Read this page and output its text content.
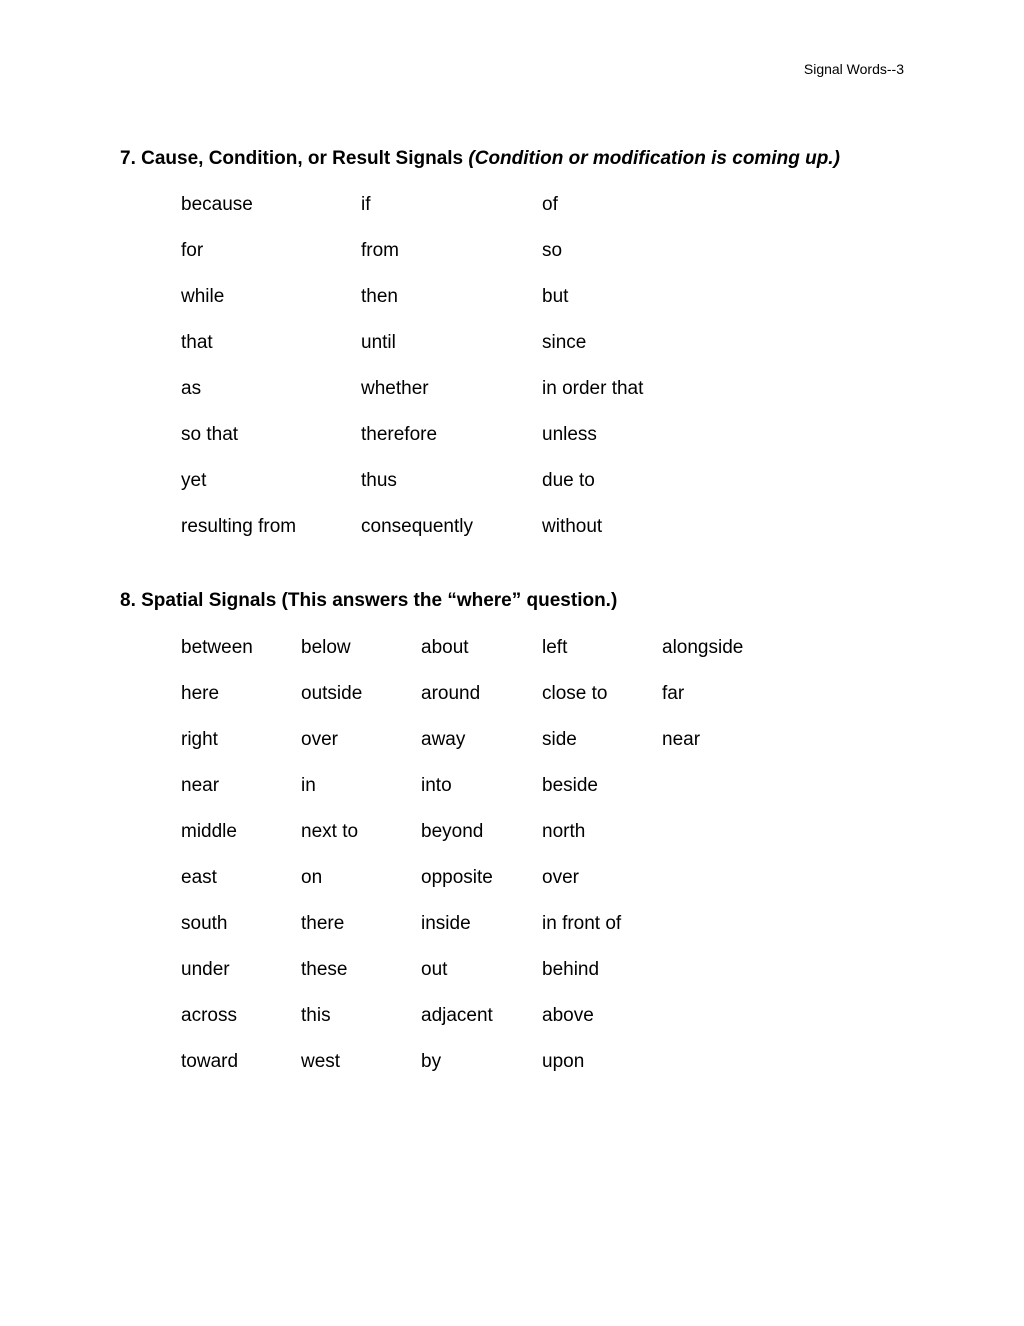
Signal Words--3
7. Cause, Condition, or Result Signals (Condition or modification is coming up.)
because	if	of
for	from	so
while	then	but
that	until	since
as	whether	in order that
so that	therefore	unless
yet	thus	due to
resulting from	consequently	without
8. Spatial Signals (This answers the “where” question.)
between	below	about	left	alongside
here	outside	around	close to	far
right	over	away	side	near
near	in	into	beside
middle	next to	beyond	north
east	on	opposite	over
south	there	inside	in front of
under	these	out	behind
across	this	adjacent	above
toward	west	by	upon
